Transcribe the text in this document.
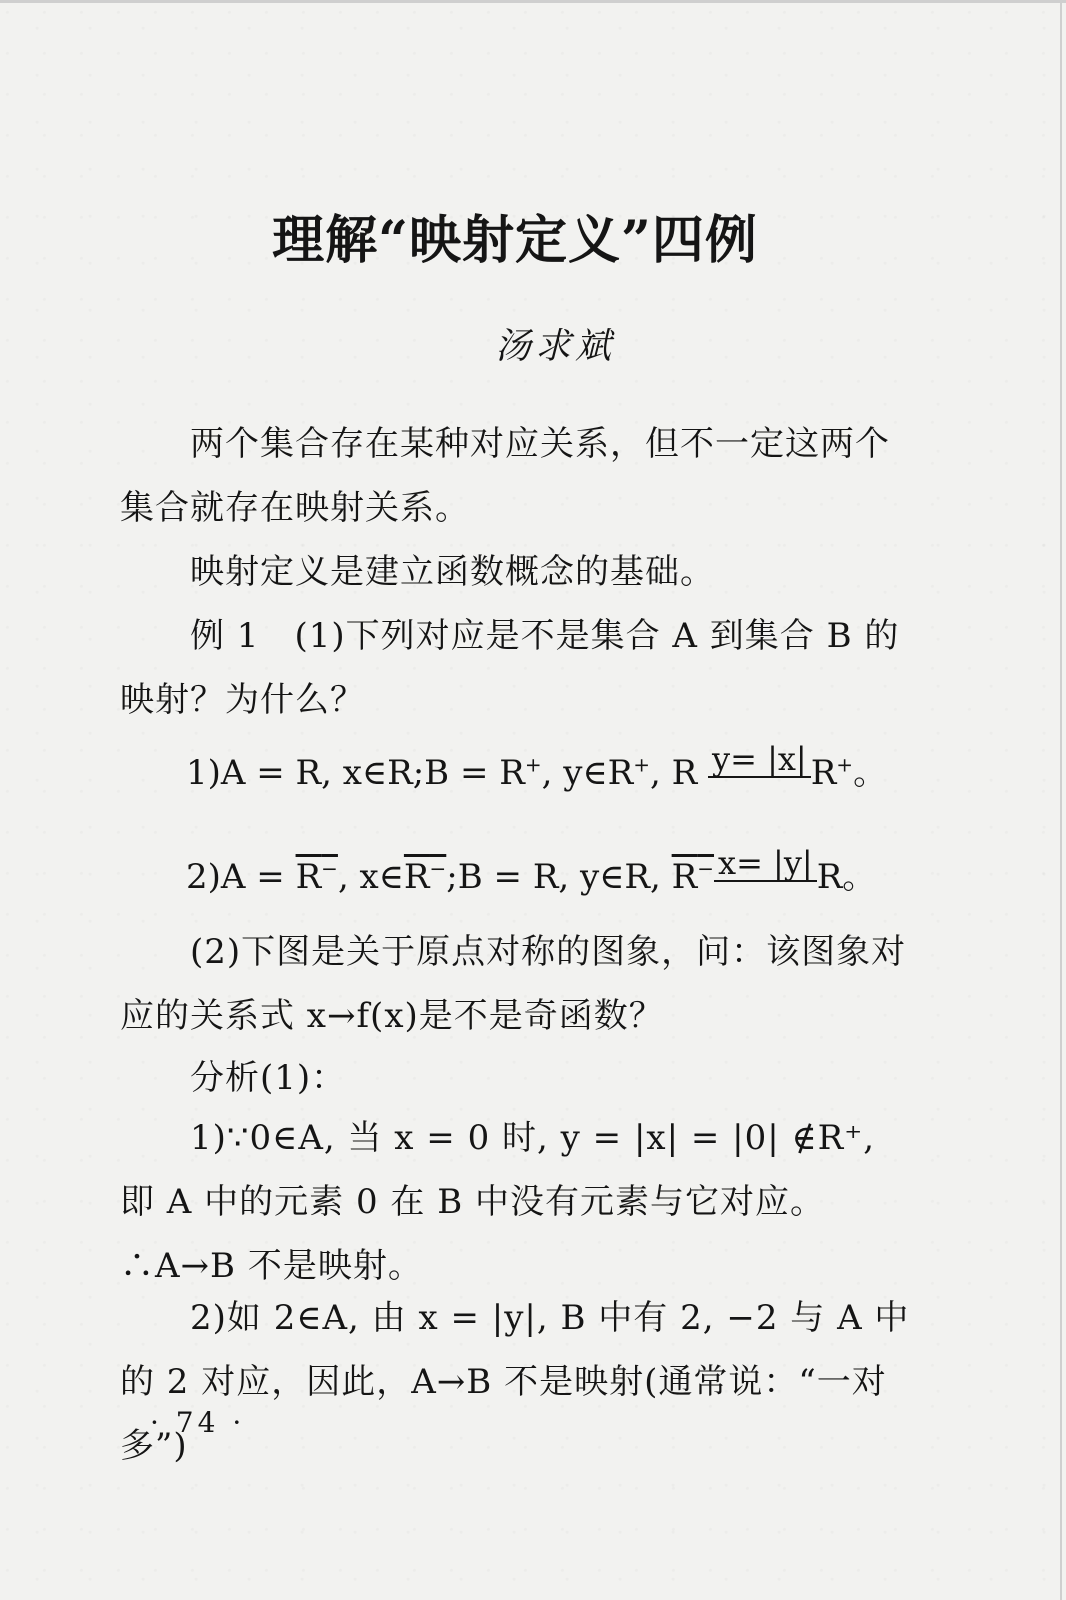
理解“映射定义”四例
汤求斌
两个集合存在某种对应关系，但不一定这两个集合就存在映射关系。
映射定义是建立函数概念的基础。
例 1　(1)下列对应是不是集合 A 到集合 B 的映射？为什么？
1)A = R, x∈R;B = R+, y∈R+, R y= |x| R+。
2)A = R−, x∈R−;B = R, y∈R, R− x= |y| R。
(2)下图是关于原点对称的图象，问：该图象对应的关系式 x→f(x)是不是奇函数？
分析(1)：
1)∵0∈A, 当 x = 0 时, y = |x| = |0| ∉R⁺, 即 A 中的元素 0 在 B 中没有元素与它对应。∴A→B 不是映射。
2)如 2∈A, 由 x = |y|, B 中有 2, −2 与 A 中的 2 对应，因此，A→B 不是映射(通常说：“一对多”)
· 74 ·
